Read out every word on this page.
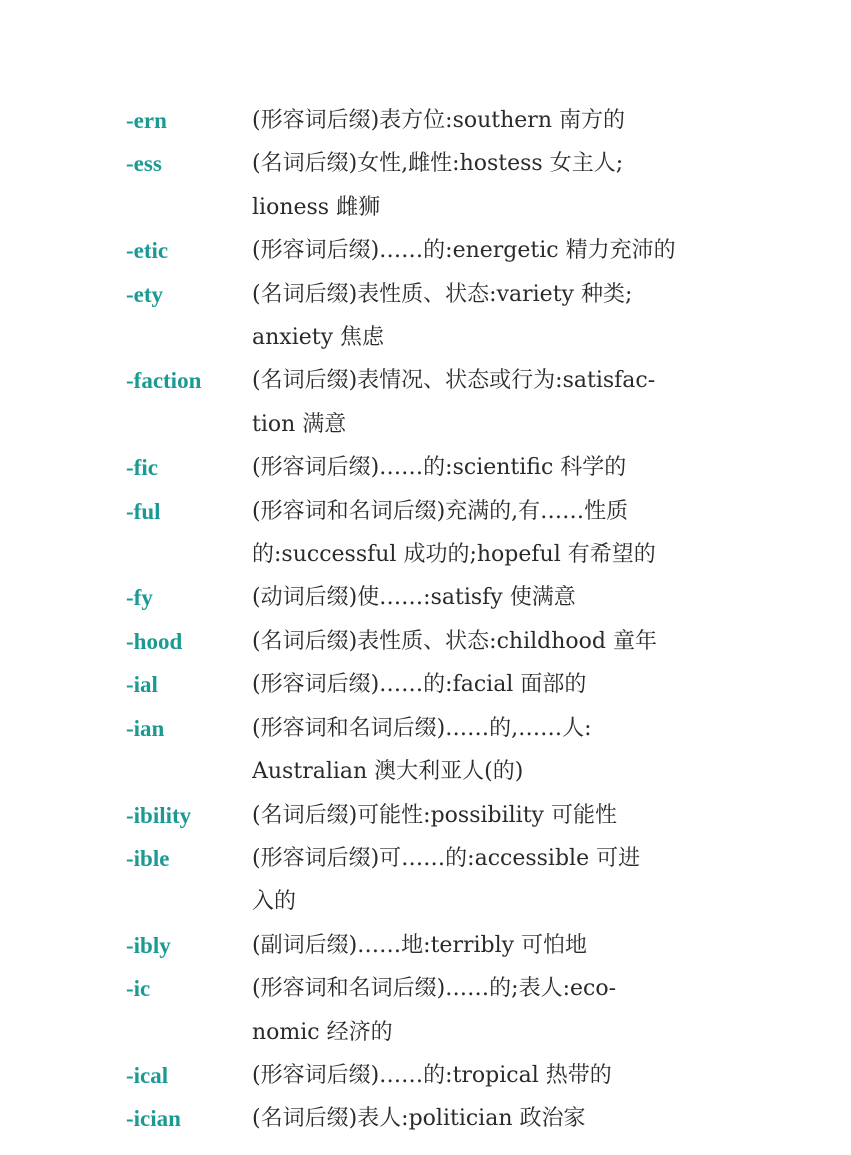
-ern	(形容词后缀)表方位:southern 南方的
-ess	(名词后缀)女性,雌性:hostess 女主人;
lioness 雌狮
-etic	(形容词后缀)……的:energetic 精力充沛的
-ety	(名词后缀)表性质、状态:variety 种类;
anxiety 焦虑
-faction	(名词后缀)表情况、状态或行为:satisfac-
tion 满意
-fic	(形容词后缀)……的:scientific 科学的
-ful	(形容词和名词后缀)充满的,有……性质
的:successful 成功的;hopeful 有希望的
-fy	(动词后缀)使……:satisfy 使满意
-hood	(名词后缀)表性质、状态:childhood 童年
-ial	(形容词后缀)……的:facial 面部的
-ian	(形容词和名词后缀)……的,……人:
Australian 澳大利亚人(的)
-ibility	(名词后缀)可能性:possibility 可能性
-ible	(形容词后缀)可……的:accessible 可进
入的
-ibly	(副词后缀)……地:terribly 可怕地
-ic	(形容词和名词后缀)……的;表人:eco-
nomic 经济的
-ical	(形容词后缀)……的:tropical 热带的
-ician	(名词后缀)表人:politician 政治家
